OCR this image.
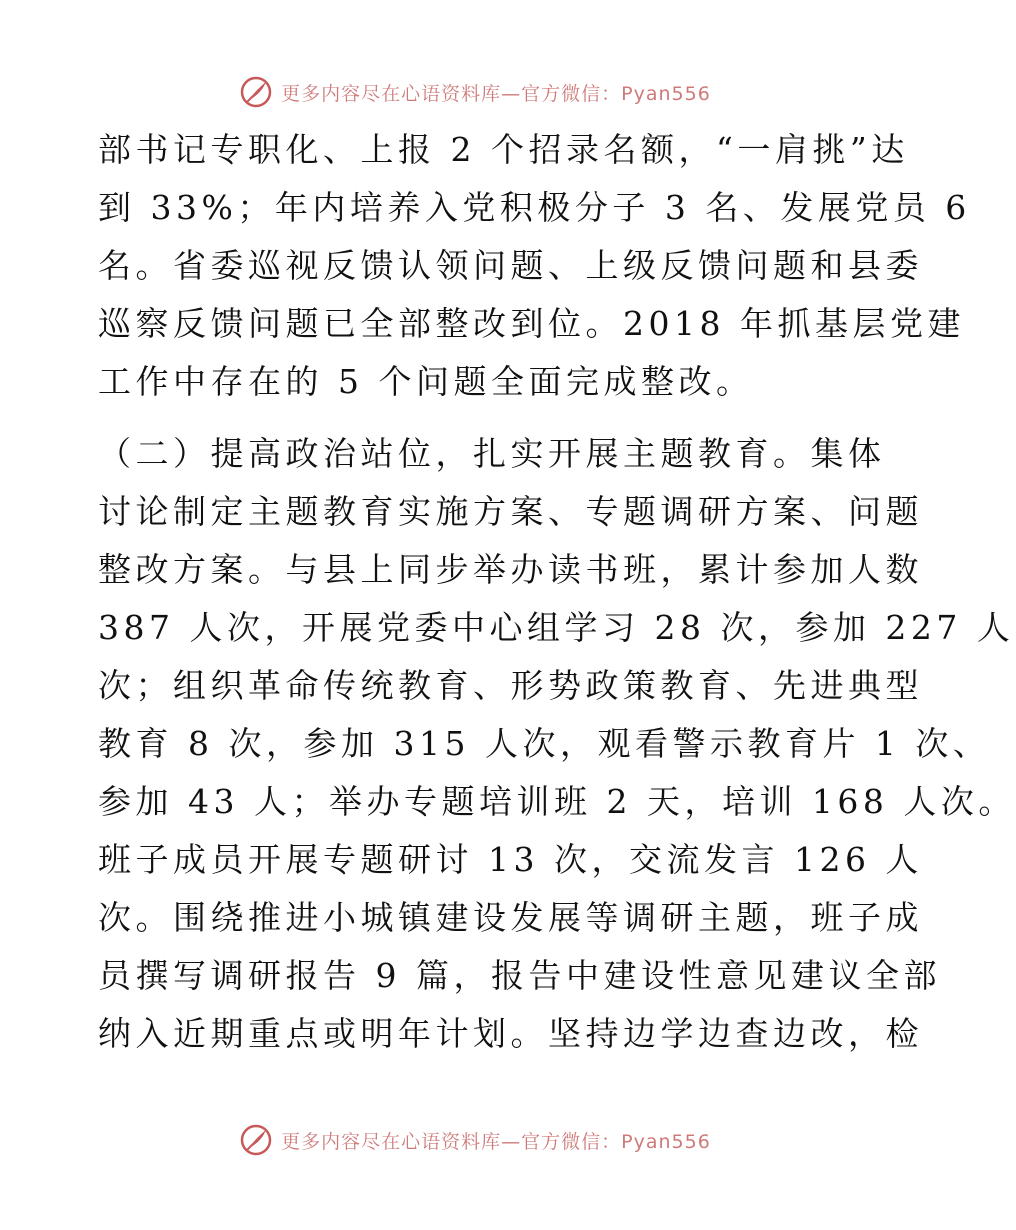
更多内容尽在心语资料库—官方微信：Pyan556
部书记专职化、上报 2 个招录名额，“一肩挑”达
到 33%；年内培养入党积极分子 3 名、发展党员 6
名。省委巡视反馈认领问题、上级反馈问题和县委
巡察反馈问题已全部整改到位。2018 年抓基层党建
工作中存在的 5 个问题全面完成整改。
（二）提高政治站位，扎实开展主题教育。集体
讨论制定主题教育实施方案、专题调研方案、问题
整改方案。与县上同步举办读书班，累计参加人数
387 人次，开展党委中心组学习 28 次，参加 227 人
次；组织革命传统教育、形势政策教育、先进典型
教育 8 次，参加 315 人次，观看警示教育片 1 次、
参加 43 人；举办专题培训班 2 天，培训 168 人次。
班子成员开展专题研讨 13 次，交流发言 126 人
次。围绕推进小城镇建设发展等调研主题，班子成
员撰写调研报告 9 篇，报告中建设性意见建议全部
纳入近期重点或明年计划。坚持边学边查边改，检
更多内容尽在心语资料库—官方微信：Pyan556
